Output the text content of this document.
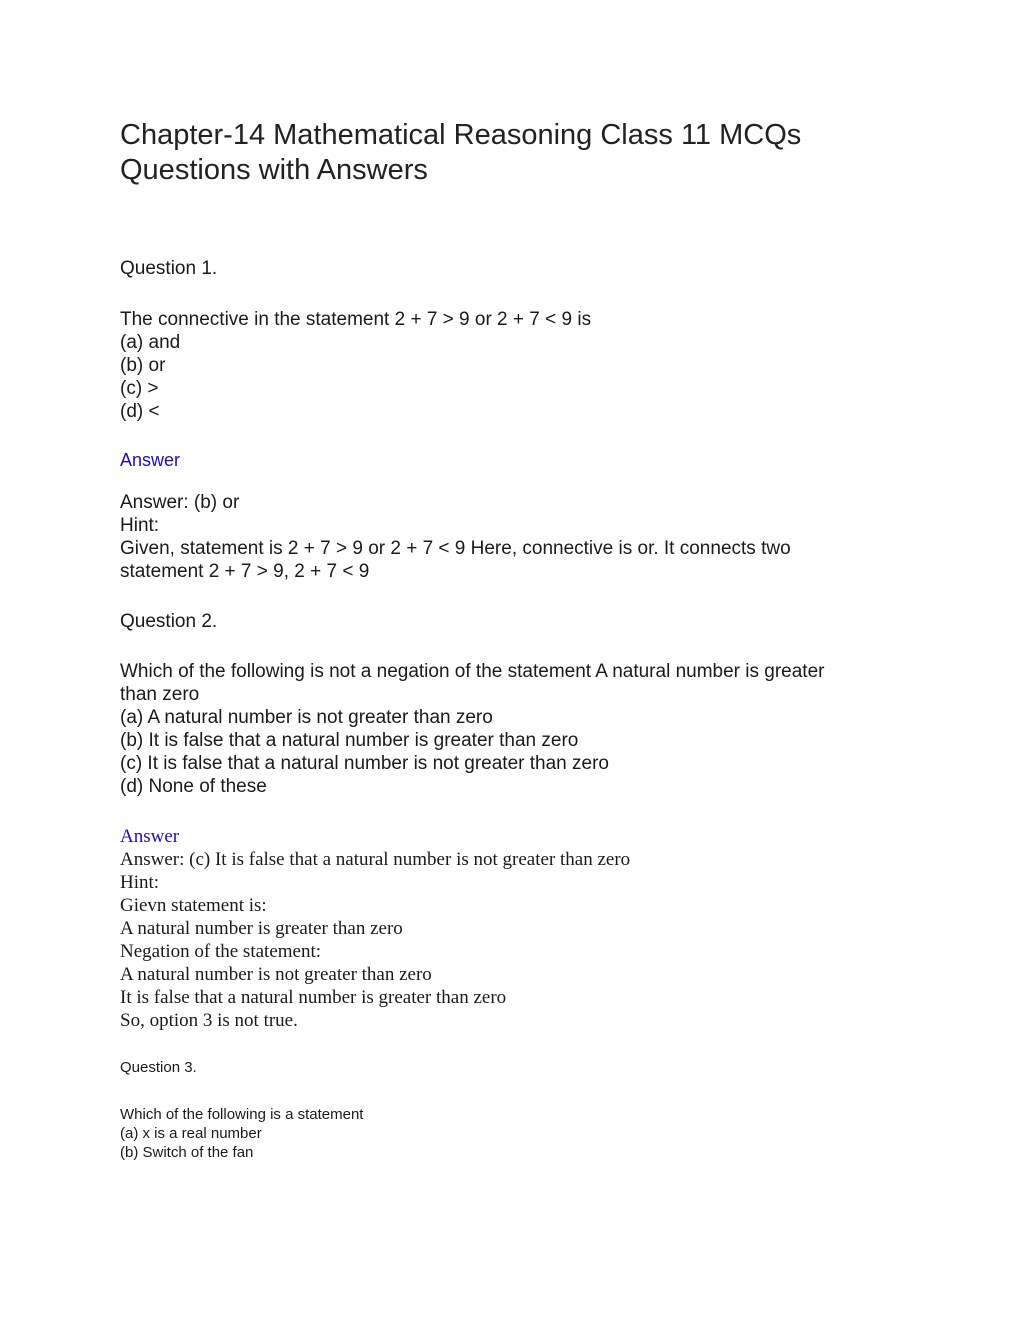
Chapter-14 Mathematical Reasoning Class 11 MCQs
Questions with Answers
Question 1.
The connective in the statement 2 + 7 > 9 or 2 + 7 < 9 is
(a) and
(b) or
(c) >
(d) <
Answer
Answer: (b) or
Hint:
Given, statement is 2 + 7 > 9 or 2 + 7 < 9 Here, connective is or. It connects two
statement 2 + 7 > 9, 2 + 7 < 9
Question 2.
Which of the following is not a negation of the statement A natural number is greater
than zero
(a) A natural number is not greater than zero
(b) It is false that a natural number is greater than zero
(c) It is false that a natural number is not greater than zero
(d) None of these
Answer
Answer: (c) It is false that a natural number is not greater than zero
Hint:
Gievn statement is:
A natural number is greater than zero
Negation of the statement:
A natural number is not greater than zero
It is false that a natural number is greater than zero
So, option 3 is not true.
Question 3.
Which of the following is a statement
(a) x is a real number
(b) Switch of the fan
